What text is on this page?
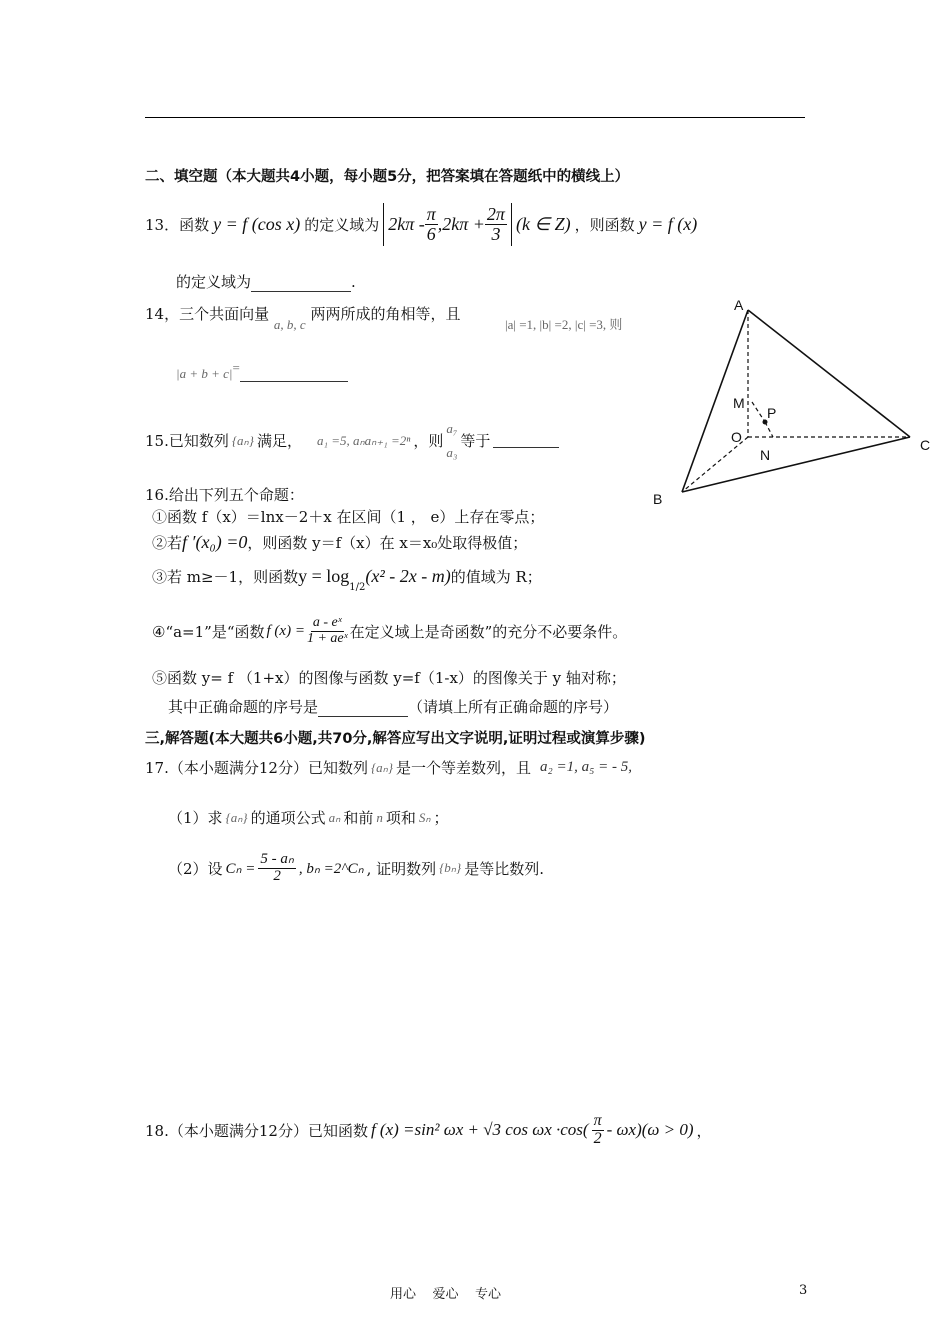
二、填空题（本大题共4小题，每小题5分，把答案填在答题纸中的横线上）
13．函数 y = f (cos x) 的定义域为 $2k\pi - \frac{\pi}{6} ,2k\pi + \frac{2\pi}{3} (k$ ∈ Z) ，则函数 y = f (x)
的定义域为	.
14，三个共面向量 a, b, c 两两所成的角相等，且
|a| =1, |b| =2, |c| =3, 则
|a + b + c|=
15.已知数列 {aₙ} 满足， a₁ =5, aₙaₙ₊₁ =2ⁿ ，则
a₇
a₃
等于
16.给出下列五个命题：
①函数 f（x）＝lnx－2＋x 在区间（1 ， e）上存在零点；
②若f ′(x₀) =0，则函数 y＝f（x）在 x＝x₀处取得极值；
③若 m≥－1，则函数 y = log
1/2
(x² - 2x - m) 的值域为 R；
④“a=1”是“函数 f $(x) = \frac{\text{a - eˣ}}{\text{1 + aeˣ}}$ 在定义域上是奇函数”的充分不必要条件。
⑤函数 y= f （1+x）的图像与函数 y=f（1-x）的图像关于 y 轴对称；
其中正确命题的序号是	（请填上所有正确命题的序号）
三,解答题(本大题共6小题,共70分,解答应写出文字说明,证明过程或演算步骤)
17.（本小题满分12分）已知数列 {aₙ} 是一个等差数列，且 a₂ =1, a₅ = - 5,
（1）求 {aₙ} 的通项公式 aₙ 和前 n 项和 Sₙ ；
（2）设 $C_n = \frac{\text{5 - aₙ}}{2}$ , bₙ =2^Cₙ , 证明数列 {bₙ} 是等比数列.
18.（本小题满分12分）已知函数 f (x) =sin² ωx + √3 $\cos \omega x \cdot\cos( \frac{\pi}{2} - \omega x)(\omega > 0)$ ，
A
M
P
O
N
C
B
用心    爱心    专心	3
